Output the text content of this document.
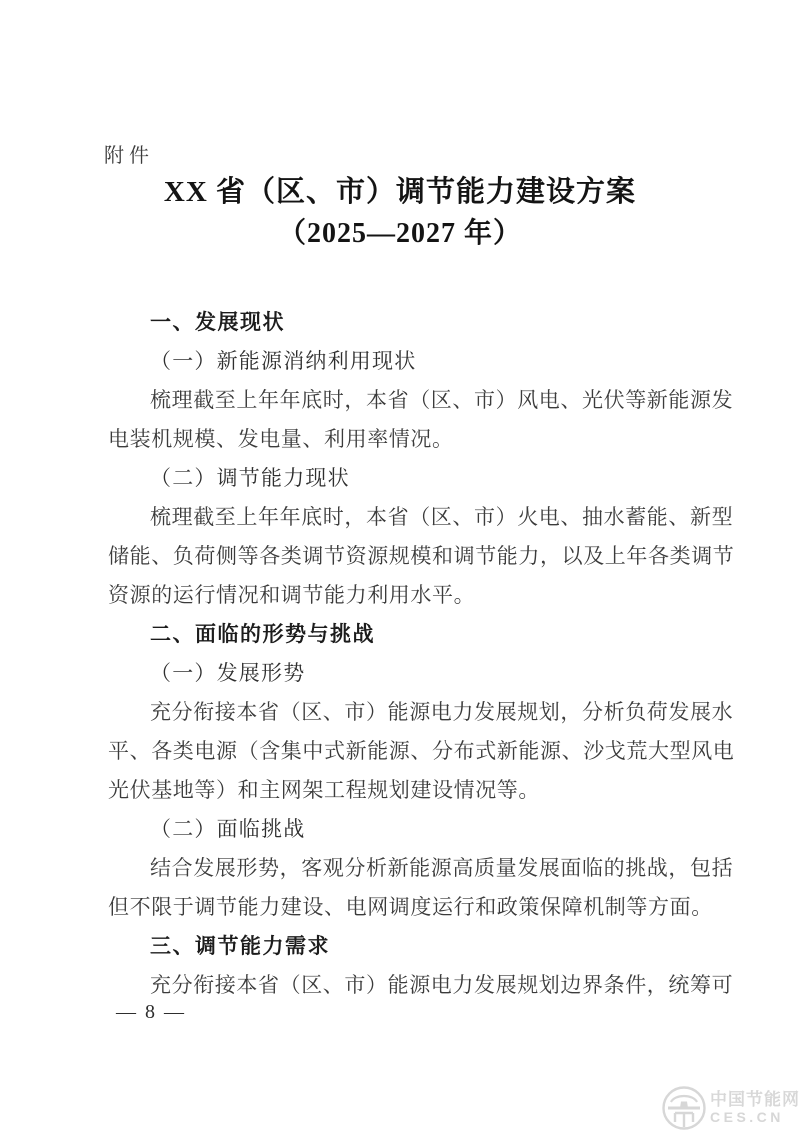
附件
XX 省（区、市）调节能力建设方案
（2025—2027 年）
一、发展现状
（一）新能源消纳利用现状
梳理截至上年年底时，本省（区、市）风电、光伏等新能源发
电装机规模、发电量、利用率情况。
（二）调节能力现状
梳理截至上年年底时，本省（区、市）火电、抽水蓄能、新型
储能、负荷侧等各类调节资源规模和调节能力，以及上年各类调节
资源的运行情况和调节能力利用水平。
二、面临的形势与挑战
（一）发展形势
充分衔接本省（区、市）能源电力发展规划，分析负荷发展水
平、各类电源（含集中式新能源、分布式新能源、沙戈荒大型风电
光伏基地等）和主网架工程规划建设情况等。
（二）面临挑战
结合发展形势，客观分析新能源高质量发展面临的挑战，包括
但不限于调节能力建设、电网调度运行和政策保障机制等方面。
三、调节能力需求
充分衔接本省（区、市）能源电力发展规划边界条件，统筹可
— 8 —
中国节能网
CES.CN
